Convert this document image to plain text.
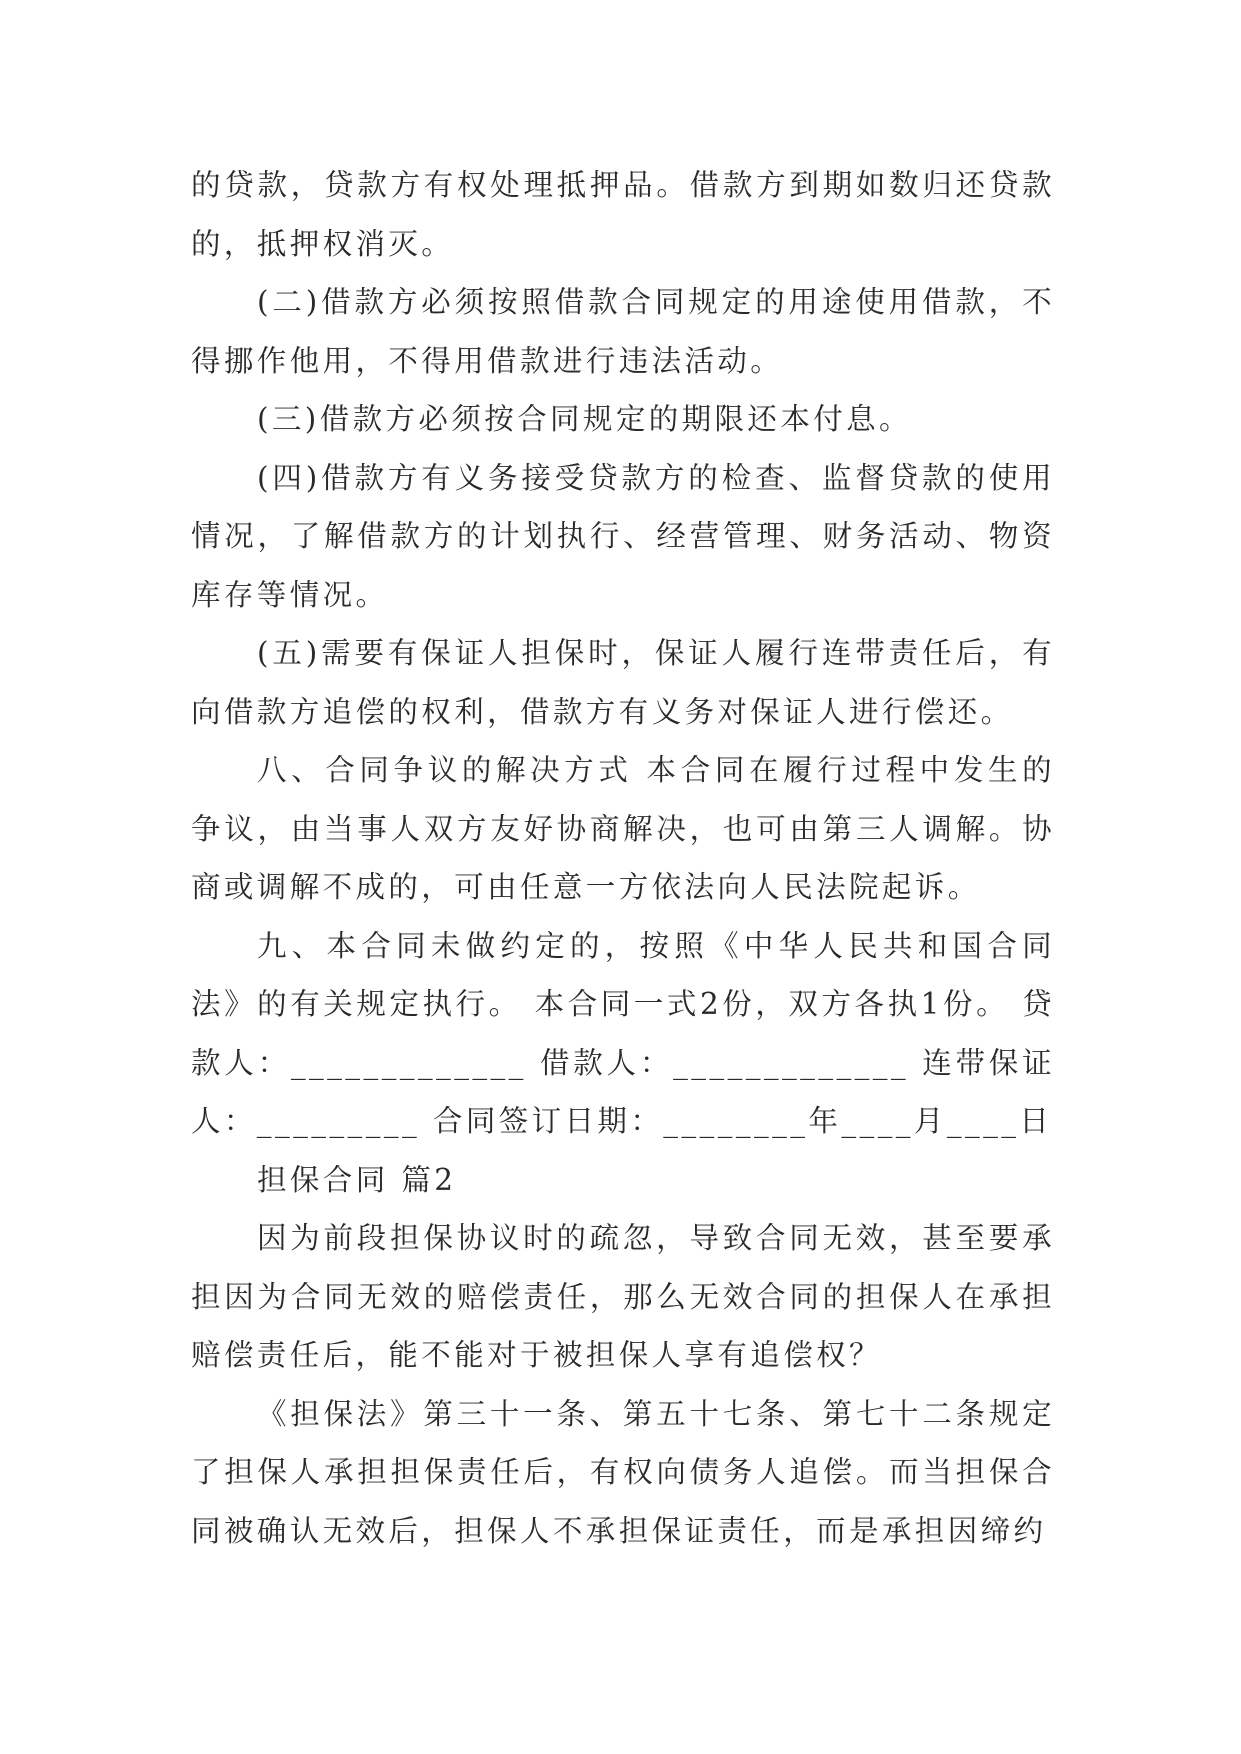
的贷款，贷款方有权处理抵押品。借款方到期如数归还贷款的，抵押权消灭。

(二)借款方必须按照借款合同规定的用途使用借款，不得挪作他用，不得用借款进行违法活动。

(三)借款方必须按合同规定的期限还本付息。

(四)借款方有义务接受贷款方的检查、监督贷款的使用情况，了解借款方的计划执行、经营管理、财务活动、物资库存等情况。

(五)需要有保证人担保时，保证人履行连带责任后，有向借款方追偿的权利，借款方有义务对保证人进行偿还。

八、合同争议的解决方式 本合同在履行过程中发生的争议，由当事人双方友好协商解决，也可由第三人调解。协商或调解不成的，可由任意一方依法向人民法院起诉。

九、本合同未做约定的，按照《中华人民共和国合同法》的有关规定执行。 本合同一式2份，双方各执1份。 贷款人：_____________ 借款人：_____________ 连带保证人：_________ 合同签订日期：________年____月____日

担保合同 篇2

因为前段担保协议时的疏忽，导致合同无效，甚至要承担因为合同无效的赔偿责任，那么无效合同的担保人在承担赔偿责任后，能不能对于被担保人享有追偿权？

《担保法》第三十一条、第五十七条、第七十二条规定了担保人承担担保责任后，有权向债务人追偿。而当担保合同被确认无效后，担保人不承担保证责任，而是承担因缔约
